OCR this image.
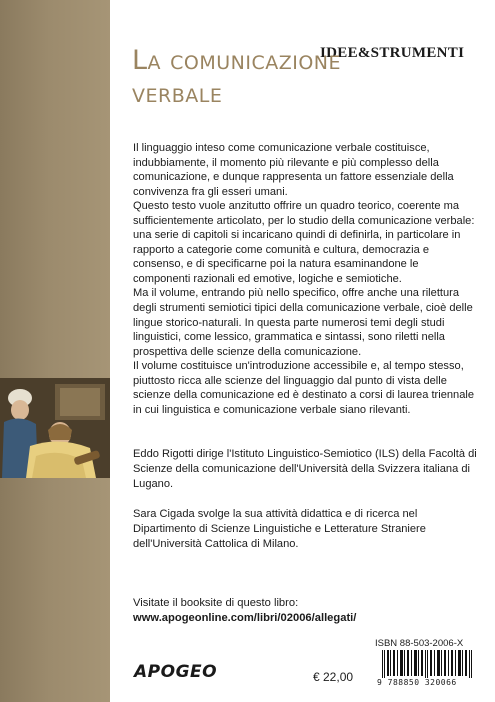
IDEE&STRUMENTI
La comunicazione
verbale

Il linguaggio inteso come comunicazione verbale costituisce, indubbiamente, il momento più rilevante e più complesso della comunicazione, e dunque rappresenta un fattore essenziale della convivenza fra gli esseri umani.

Questo testo vuole anzitutto offrire un quadro teorico, coerente ma sufficientemente articolato, per lo studio della comunicazione verbale: una serie di capitoli si incaricano quindi di definirla, in particolare in rapporto a categorie come comunità e cultura, democrazia e consenso, e di specificarne poi la natura esaminandone le componenti razionali ed emotive, logiche e semiotiche.

Ma il volume, entrando più nello specifico, offre anche una rilettura degli strumenti semiotici tipici della comunicazione verbale, cioè delle lingue storico-naturali. In questa parte numerosi temi degli studi linguistici, come lessico, grammatica e sintassi, sono riletti nella prospettiva delle scienze della comunicazione.

Il volume costituisce un'introduzione accessibile e, al tempo stesso, piuttosto ricca alle scienze del linguaggio dal punto di vista delle scienze della comunicazione ed è destinato a corsi di laurea triennale in cui linguistica e comunicazione verbale siano rilevanti.

Eddo Rigotti dirige l'Istituto Linguistico-Semiotico (ILS) della Facoltà di Scienze della comunicazione dell'Università della Svizzera italiana di Lugano.
Sara Cigada svolge la sua attività didattica e di ricerca nel Dipartimento di Scienze Linguistiche e Letterature Straniere dell'Università Cattolica di Milano.
Visitate il booksite di questo libro:
www.apogeonline.com/libri/02006/allegati/
ISBN 88-503-2006-X
9 788850 320066
APOGEO	€ 22,00
